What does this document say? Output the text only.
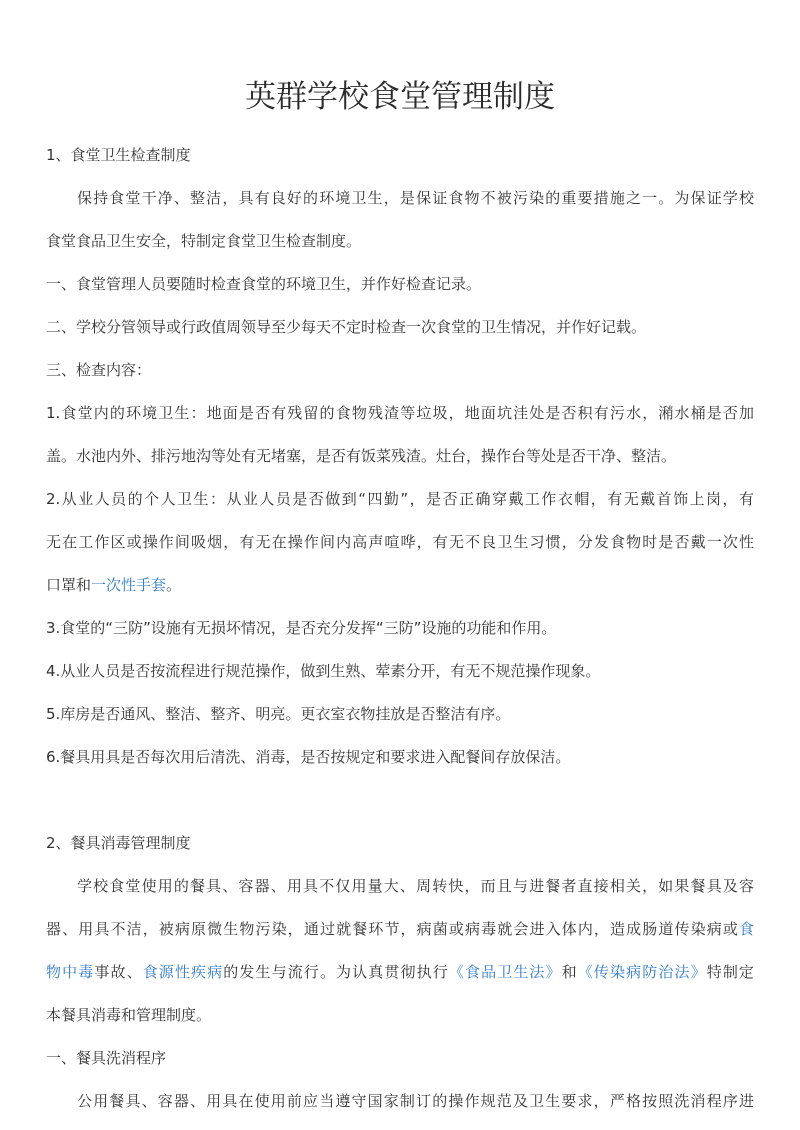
英群学校食堂管理制度
1、食堂卫生检查制度
保持食堂干净、整洁，具有良好的环境卫生，是保证食物不被污染的重要措施之一。为保证学校
食堂食品卫生安全，特制定食堂卫生检查制度。
一、食堂管理人员要随时检查食堂的环境卫生，并作好检查记录。
二、学校分管领导或行政值周领导至少每天不定时检查一次食堂的卫生情况，并作好记载。
三、检查内容：
1.食堂内的环境卫生：地面是否有残留的食物残渣等垃圾，地面坑洼处是否积有污水，潲水桶是否加
盖。水池内外、排污地沟等处有无堵塞，是否有饭菜残渣。灶台，操作台等处是否干净、整洁。
2.从业人员的个人卫生：从业人员是否做到“四勤”，是否正确穿戴工作衣帽，有无戴首饰上岗，有
无在工作区或操作间吸烟，有无在操作间内高声喧哗，有无不良卫生习惯，分发食物时是否戴一次性
口罩和一次性手套。
3.食堂的“三防”设施有无损坏情况，是否充分发挥“三防”设施的功能和作用。
4.从业人员是否按流程进行规范操作，做到生熟、荤素分开，有无不规范操作现象。
5.库房是否通风、整洁、整齐、明亮。更衣室衣物挂放是否整洁有序。
6.餐具用具是否每次用后清洗、消毒，是否按规定和要求进入配餐间存放保洁。
2、餐具消毒管理制度
学校食堂使用的餐具、容器、用具不仅用量大、周转快，而且与进餐者直接相关，如果餐具及容
器、用具不洁，被病原微生物污染，通过就餐环节，病菌或病毒就会进入体内，造成肠道传染病或食
物中毒事故、食源性疾病的发生与流行。为认真贯彻执行《食品卫生法》和《传染病防治法》特制定
本餐具消毒和管理制度。
一、餐具洗消程序
公用餐具、容器、用具在使用前应当遵守国家制订的操作规范及卫生要求，严格按照洗消程序进
